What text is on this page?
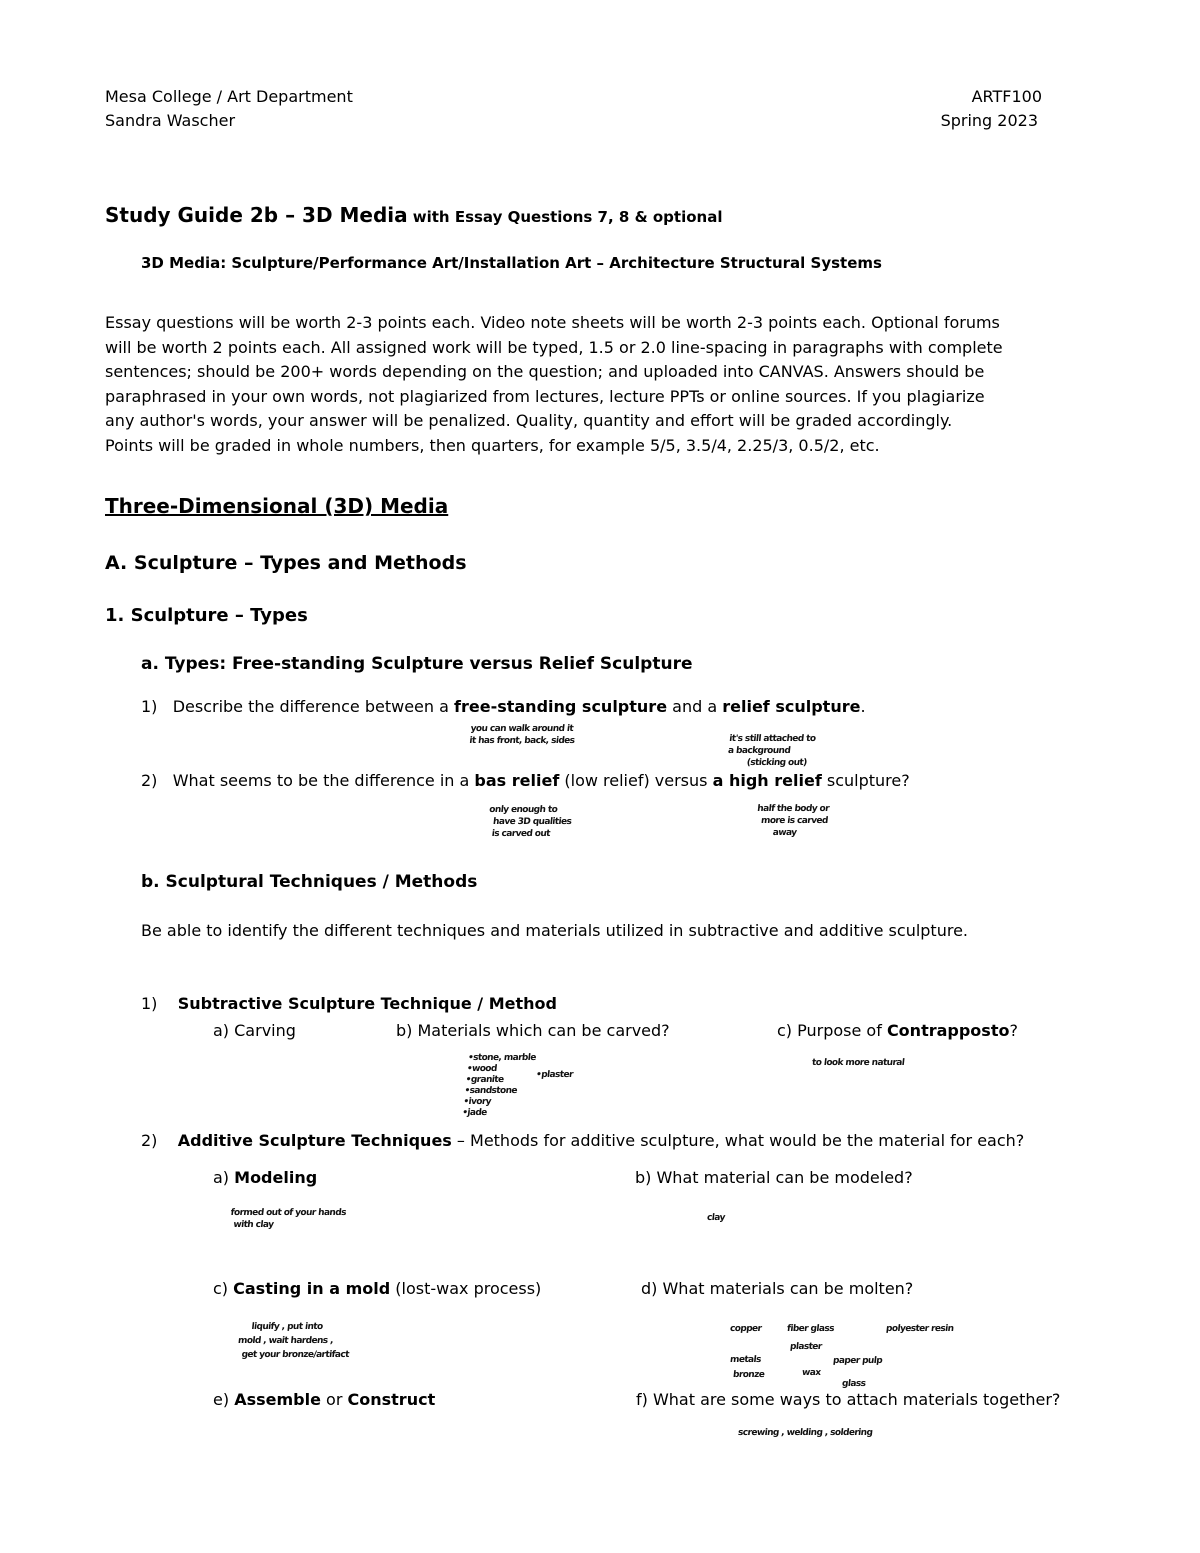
Mesa College / Art Department
Sandra Wascher
ARTF100
Spring 2023
Study Guide 2b – 3D Media with Essay Questions 7, 8 & optional
3D Media: Sculpture/Performance Art/Installation Art – Architecture Structural Systems
Essay questions will be worth 2-3 points each. Video note sheets will be worth 2-3 points each. Optional forums
will be worth 2 points each. All assigned work will be typed, 1.5 or 2.0 line-spacing in paragraphs with complete
sentences; should be 200+ words depending on the question; and uploaded into CANVAS. Answers should be
paraphrased in your own words, not plagiarized from lectures, lecture PPTs or online sources. If you plagiarize
any author's words, your answer will be penalized. Quality, quantity and effort will be graded accordingly.
Points will be graded in whole numbers, then quarters, for example 5/5, 3.5/4, 2.25/3, 0.5/2, etc.
Three-Dimensional (3D) Media
A. Sculpture – Types and Methods
1. Sculpture – Types
a. Types: Free-standing Sculpture versus Relief Sculpture
1) Describe the difference between a free-standing sculpture and a relief sculpture.
you can walk around it
it has front, back, sides	it's still attached to
a background
(sticking out)
2) What seems to be the difference in a bas relief (low relief) versus a high relief sculpture?
only enough to
have 3D qualities
is carved out
half the body or
more is carved
away
b. Sculptural Techniques / Methods
Be able to identify the different techniques and materials utilized in subtractive and additive sculpture.
1) Subtractive Sculpture Technique / Method
a) Carving	b) Materials which can be carved?	c) Purpose of Contrapposto?
•stone, marble
•wood
•granite
•sandstone
•ivory
•jade
•plaster
to look more natural
2) Additive Sculpture Techniques – Methods for additive sculpture, what would be the material for each?
a) Modeling	b) What material can be modeled?
formed out of your hands
with clay
clay
c) Casting in a mold (lost-wax process)	d) What materials can be molten?
liquify , put into
mold , wait hardens ,
get your bronze/artifact
copper	fiber glass	polyester resin
plaster
metals	paper pulp
bronze	wax
glass
e) Assemble or Construct	f) What are some ways to attach materials together?
screwing , welding , soldering
